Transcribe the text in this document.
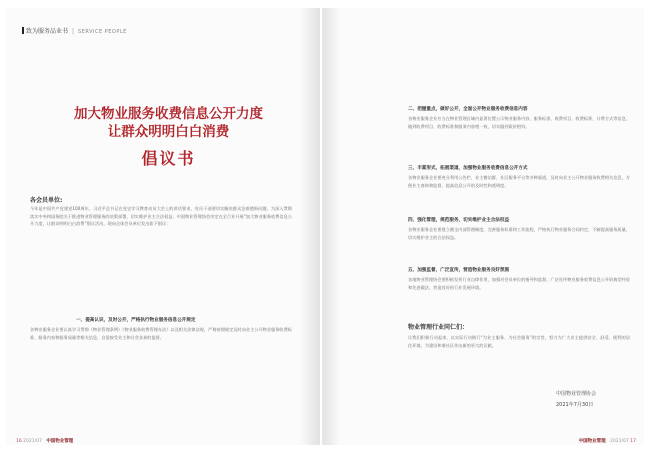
致为服务品业书 | SERVICE PEOPLE
加大物业服务收费信息公开力度
让群众明明白白消费
倡议书
各会员单位:
今年是中国共产党建党100周年，习近平总书记在党史学习教育动员大会上的讲话要求，党员干部要切实解决群众急难愁盼问题。为深入贯彻落实中央和国务院关于推进物业管理服务的决策部署，切实维护业主合法权益，中国物业管理协会决定在全行业开展“加大物业服务收费信息公开力度，让群众明明白白消费”倡议活动，现向全体会员单位发出如下倡议：
一、提高认识，及时公开，严格执行物业服务信息公开规定
各物业服务企业要认真学习贯彻《物业管理条例》《物业服务收费管理办法》以及相关法律法规，严格按照规定及时向业主公开物业服务收费标准、服务内容和服务质量等相关信息，自觉接受业主和社会各界的监督。
16 2021/07 中国物业管理
二、把握重点，做好公开，全面公开物业服务收费信息内容
各物业服务企业应当在物业管理区域内显著位置公示物业服务内容、服务标准、收费项目、收费标准、计费方式等信息，做到收费项目、收费标准和服务内容相一致，切实做到质价相符。
三、丰富形式，拓展渠道，加强物业服务收费信息公开方式
各物业服务企业要充分利用公告栏、业主微信群、社区服务平台等多种渠道，及时向业主公开物业服务收费相关信息，方便业主查询和监督，提高信息公开的及时性和透明度。
四、强化管理，规范服务，切实维护业主合法权益
各物业服务企业要建立健全内部管理制度，完善服务标准和工作流程，严格执行物业服务合同约定，不断提高服务质量，切实维护业主的合法权益。
五、加强监督，广泛宣传，营造物业服务良好氛围
各地物业管理协会要积极发挥行业自律作用，加强对会员单位的指导和监督，广泛宣传物业服务收费信息公开的典型经验和先进做法，营造良好的行业发展环境。
物业管理行业同仁们：
让我们积极行动起来，以实际行动践行“为业主服务、为社会服务”的宗旨，努力为广大业主提供安全、舒适、便利的居住环境，为建设和谐社区作出新的更大的贡献。
中国物业管理协会
2021年7月30日
中国物业管理 2021/07 17
